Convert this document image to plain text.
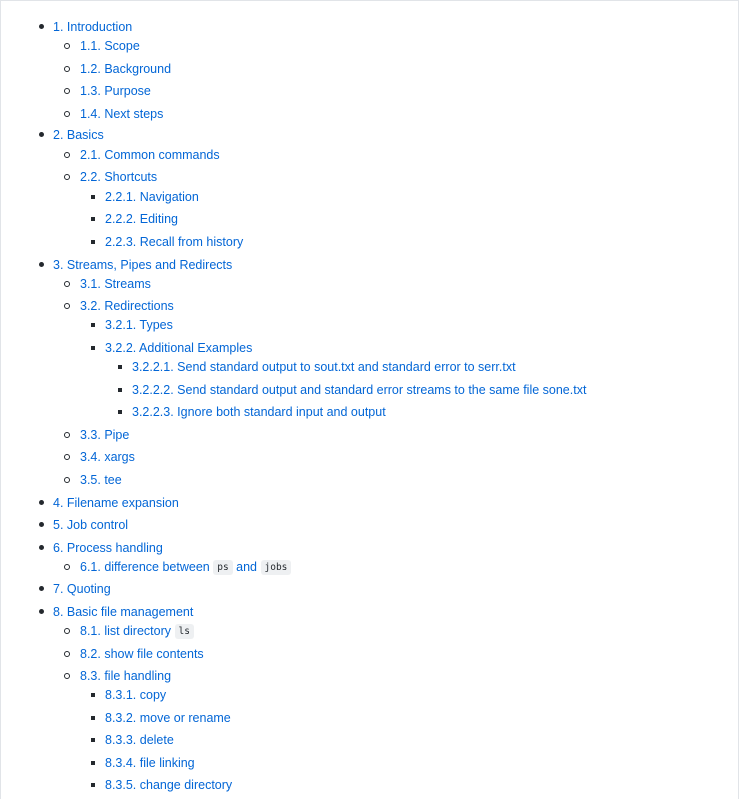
1. Introduction
1.1. Scope
1.2. Background
1.3. Purpose
1.4. Next steps
2. Basics
2.1. Common commands
2.2. Shortcuts
2.2.1. Navigation
2.2.2. Editing
2.2.3. Recall from history
3. Streams, Pipes and Redirects
3.1. Streams
3.2. Redirections
3.2.1. Types
3.2.2. Additional Examples
3.2.2.1. Send standard output to sout.txt and standard error to serr.txt
3.2.2.2. Send standard output and standard error streams to the same file sone.txt
3.2.2.3. Ignore both standard input and output
3.3. Pipe
3.4. xargs
3.5. tee
4. Filename expansion
5. Job control
6. Process handling
6.1. difference between ps and jobs
7. Quoting
8. Basic file management
8.1. list directory ls
8.2. show file contents
8.3. file handling
8.3.1. copy
8.3.2. move or rename
8.3.3. delete
8.3.4. file linking
8.3.5. change directory
